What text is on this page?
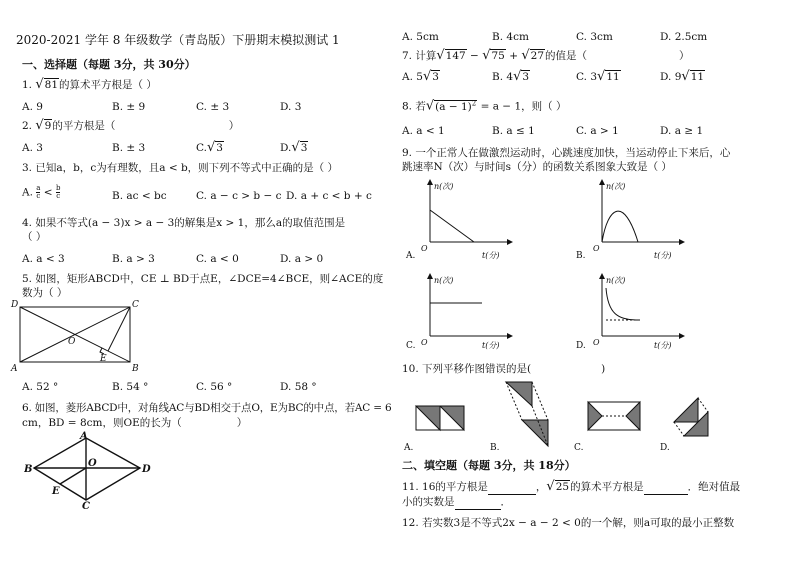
2020-2021 学年 8 年级数学（青岛版）下册期末模拟测试 1
一、选择题（每题 3分，共 30分）
1. √81的算术平方根是（ ）
A. 9	B. ± 9	C. ± 3	D. 3
2. √9的平方根是（	）
A. 3	B. ± 3	C.√3	D.√3
3. 已知a，b，c为有理数，且a < b，则下列不等式中正确的是（ ）
A. $\frac{a}{c} < \frac{b}{c}$	B. ac < bc	C. a − c > b − c D. a + c < b + c
4. 如果不等式(a − 3)x > a − 3的解集是x > 1，那么a的取值范围是
（ ）
A. a < 3	B. a > 3	C. a < 0	D. a > 0
5. 如图，矩形ABCD中，CE ⊥ BD于点E，∠DCE=4∠BCE，则∠ACE的度
数为（ ）
D	C
A	B
O
E
A. 52 °	B. 54 °	C. 56 °	D. 58 °
6. 如图，菱形ABCD中，对角线AC与BD相交于点O，E为BC的中点，若AC = 6
cm，BD = 8cm，则OE的长为（	）
A
B
C
D
O
E
A. 5cm	B. 4cm	C. 3cm	D. 2.5cm
7. 计算√147 − √75 + √27的值是（	）
A. 5√3	B. 4√3	C. 3√11	D. 9√11
8. 若$√(a - 1)^2 = a - 1$，则（ ）
A. a < 1	B. a ≤ 1	C. a > 1	D. a ≥ 1
9. 一个正常人在做激烈运动时，心跳速度加快，当运动停止下来后，心
跳速率N（次）与时间s（分）的函数关系图象大致是（ ）
n(次)
t(分)
O
n(次)
t(分)
O
n(次)
t(分)
O
n(次)
t(分)
O
A.	B.
C.	D.
10. 下列平移作图错误的是(	)
A.	B.	C.	D.
二、填空题（每题 3分，共 18分）
11. 16的平方根是	，√25的算术平方根是	．绝对值最
小的实数是	．
12. 若实数3是不等式2x − a − 2 < 0的一个解，则a可取的最小正整数
